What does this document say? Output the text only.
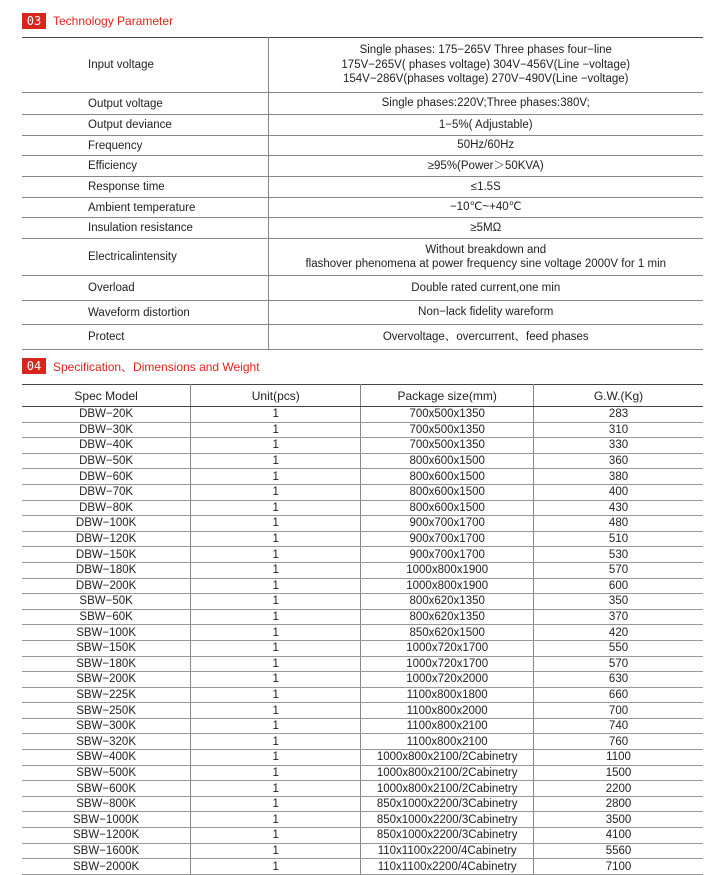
03 Technology Parameter
Input voltage	Single phases: 175−265V Three phases four−line
175V−265V( phases voltage) 304V−456V(Line −voltage)
154V−286V(phases voltage) 270V−490V(Line −voltage)

Output voltage	Single phases:220V;Three phases:380V;

Output deviance	1−5%( Adjustable)

Frequency	50Hz/60Hz

Efficiency	≥95%(Power＞50KVA)

Response time	≤1.5S

Ambient temperature	−10℃~+40℃

Insulation resistance	≥5MΩ

Electricalintensity	Without breakdown and
flashover phenomena at power frequency sine voltage 2000V for 1 min

Overload	Double rated current,one min

Waveform distortion	Non−lack fidelity wareform

Protect	Overvoltage、overcurrent、feed phases
04 Specification、Dimensions and Weight
Spec Model	Unit(pcs)	Package size(mm)	G.W.(Kg)
DBW−20K	1	700x500x1350	283
DBW−30K	1	700x500x1350	310
DBW−40K	1	700x500x1350	330
DBW−50K	1	800x600x1500	360
DBW−60K	1	800x600x1500	380
DBW−70K	1	800x600x1500	400
DBW−80K	1	800x600x1500	430
DBW−100K	1	900x700x1700	480
DBW−120K	1	900x700x1700	510
DBW−150K	1	900x700x1700	530
DBW−180K	1	1000x800x1900	570
DBW−200K	1	1000x800x1900	600
SBW−50K	1	800x620x1350	350
SBW−60K	1	800x620x1350	370
SBW−100K	1	850x620x1500	420
SBW−150K	1	1000x720x1700	550
SBW−180K	1	1000x720x1700	570
SBW−200K	1	1000x720x2000	630
SBW−225K	1	1100x800x1800	660
SBW−250K	1	1100x800x2000	700
SBW−300K	1	1100x800x2100	740
SBW−320K	1	1100x800x2100	760
SBW−400K	1	1000x800x2100/2Cabinetry	1100
SBW−500K	1	1000x800x2100/2Cabinetry	1500
SBW−600K	1	1000x800x2100/2Cabinetry	2200
SBW−800K	1	850x1000x2200/3Cabinetry	2800
SBW−1000K	1	850x1000x2200/3Cabinetry	3500
SBW−1200K	1	850x1000x2200/3Cabinetry	4100
SBW−1600K	1	110x1100x2200/4Cabinetry	5560
SBW−2000K	1	110x1100x2200/4Cabinetry	7100
